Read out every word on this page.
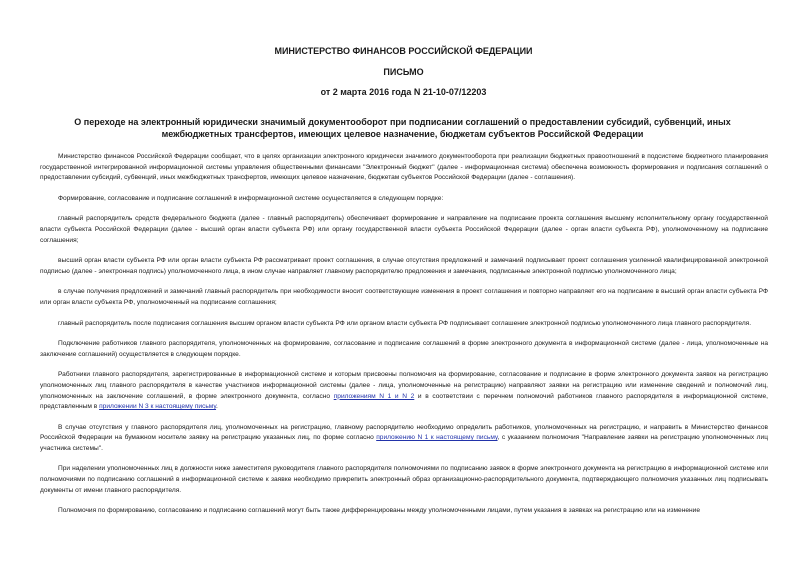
МИНИСТЕРСТВО ФИНАНСОВ РОССИЙСКОЙ ФЕДЕРАЦИИ
ПИСЬМО
от 2 марта 2016 года N 21-10-07/12203
О переходе на электронный юридически значимый документооборот при подписании соглашений о предоставлении субсидий, субвенций, иных межбюджетных трансфертов, имеющих целевое назначение, бюджетам субъектов Российской Федерации

Министерство финансов Российской Федерации сообщает, что в целях организации электронного юридически значимого документооборота при реализации бюджетных правоотношений в подсистеме бюджетного планирования государственной интегрированной информационной системы управления общественными финансами "Электронный бюджет" (далее - информационная система) обеспечена возможность формирования и подписания соглашений о предоставлении субсидий, субвенций, иных межбюджетных трансфертов, имеющих целевое назначение, бюджетам субъектов Российской Федерации (далее - соглашения).

Формирование, согласование и подписание соглашений в информационной системе осуществляется в следующем порядке:

главный распорядитель средств федерального бюджета (далее - главный распорядитель) обеспечивает формирование и направление на подписание проекта соглашения высшему исполнительному органу государственной власти субъекта Российской Федерации (далее - высший орган власти субъекта РФ) или органу государственной власти субъекта Российской Федерации (далее - орган власти субъекта РФ), уполномоченному на подписание соглашения;

высший орган власти субъекта РФ или орган власти субъекта РФ рассматривает проект соглашения, в случае отсутствия предложений и замечаний подписывает проект соглашения усиленной квалифицированной электронной подписью (далее - электронная подпись) уполномоченного лица, в ином случае направляет главному распорядителю предложения и замечания, подписанные электронной подписью уполномоченного лица;

в случае получения предложений и замечаний главный распорядитель при необходимости вносит соответствующие изменения в проект соглашения и повторно направляет его на подписание в высший орган власти субъекта РФ или орган власти субъекта РФ, уполномоченный на подписание соглашения;

главный распорядитель после подписания соглашения высшим органом власти субъекта РФ или органом власти субъекта РФ подписывает соглашение электронной подписью уполномоченного лица главного распорядителя.

Подключение работников главного распорядителя, уполномоченных на формирование, согласование и подписание соглашений в форме электронного документа в информационной системе (далее - лица, уполномоченные на заключение соглашений) осуществляется в следующем порядке.

Работники главного распорядителя, зарегистрированные в информационной системе и которым присвоены полномочия на формирование, согласование и подписание в форме электронного документа заявок на регистрацию уполномоченных лиц главного распорядителя в качестве участников информационной системы (далее - лица, уполномоченные на регистрацию) направляют заявки на регистрацию или изменение сведений и полномочий лиц, уполномоченных на заключение соглашений, в форме электронного документа, согласно приложениям N 1 и N 2 и в соответствии с перечнем полномочий работников главного распорядителя в информационной системе, представленным в приложении N 3 к настоящему письму.

В случае отсутствия у главного распорядителя лиц, уполномоченных на регистрацию, главному распорядителю необходимо определить работников, уполномоченных на регистрацию, и направить в Министерство финансов Российской Федерации на бумажном носителе заявку на регистрацию указанных лиц, по форме согласно приложению N 1 к настоящему письму, с указанием полномочия "Направление заявки на регистрацию уполномоченных лиц участника системы".

При наделении уполномоченных лиц в должности ниже заместителя руководителя главного распорядителя полномочиями по подписанию заявок в форме электронного документа на регистрацию в информационной системе или полномочиями по подписанию соглашений в информационной системе к заявке необходимо прикрепить электронный образ организационно-распорядительного документа, подтверждающего полномочия указанных лиц подписывать документы от имени главного распорядителя.

Полномочия по формированию, согласованию и подписанию соглашений могут быть также дифференцированы между уполномоченными лицами, путем указания в заявках на регистрацию или на изменение
